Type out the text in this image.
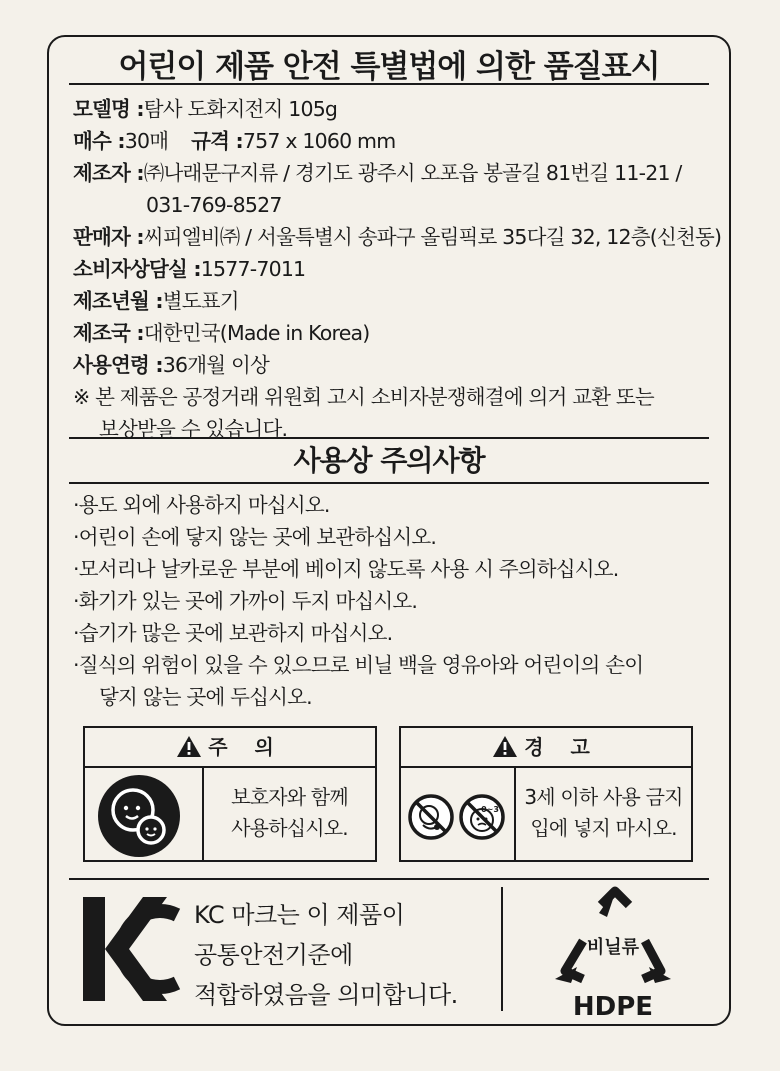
어린이 제품 안전 특별법에 의한 품질표시
모델명 :탐사 도화지전지 105g
매수 :30매 규격 :757 x 1060 mm
제조자 :㈜나래문구지류 / 경기도 광주시 오포읍 봉골길 81번길 11-21 /
031-769-8527
판매자 :씨피엘비㈜ / 서울특별시 송파구 올림픽로 35다길 32, 12층(신천동)
소비자상담실 :1577-7011
제조년월 :별도표기
제조국 :대한민국(Made in Korea)
사용연령 :36개월 이상
※ 본 제품은 공정거래 위원회 고시 소비자분쟁해결에 의거 교환 또는
보상받을 수 있습니다.
사용상 주의사항
·용도 외에 사용하지 마십시오.
·어린이 손에 닿지 않는 곳에 보관하십시오.
·모서리나 날카로운 부분에 베이지 않도록 사용 시 주의하십시오.
·화기가 있는 곳에 가까이 두지 마십시오.
·습기가 많은 곳에 보관하지 마십시오.
·질식의 위험이 있을 수 있으므로 비닐 백을 영유아와 어린이의 손이
닿지 않는 곳에 두십시오.
주 의
보호자와 함께
사용하십시오.
경 고
0~3
3세 이하 사용 금지
입에 넣지 마시오.
KC 마크는 이 제품이
공통안전기준에
적합하였음을 의미합니다.
비닐류
HDPE
